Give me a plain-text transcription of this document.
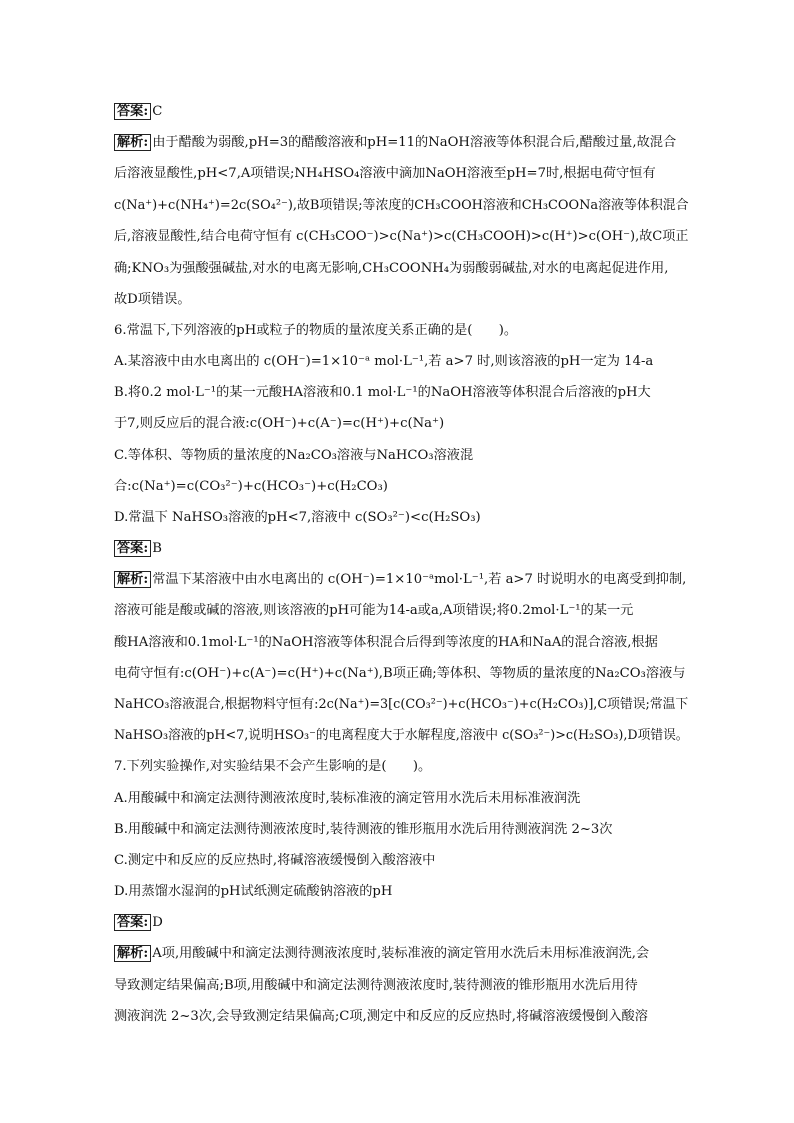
答案: C
解析: 由于醋酸为弱酸,pH=3的醋酸溶液和pH=11的NaOH溶液等体积混合后,醋酸过量,故混合
后溶液显酸性,pH<7,A项错误;NH₄HSO₄溶液中滴加NaOH溶液至pH=7时,根据电荷守恒有
c(Na⁺)+c(NH₄⁺)=2c(SO₄²⁻),故B项错误;等浓度的CH₃COOH溶液和CH₃COONa溶液等体积混合
后,溶液显酸性,结合电荷守恒有 c(CH₃COO⁻)>c(Na⁺)>c(CH₃COOH)>c(H⁺)>c(OH⁻),故C项正
确;KNO₃为强酸强碱盐,对水的电离无影响,CH₃COONH₄为弱酸弱碱盐,对水的电离起促进作用,
故D项错误。
6.常温下,下列溶液的pH或粒子的物质的量浓度关系正确的是(　　)。
A.某溶液中由水电离出的 c(OH⁻)=1×10⁻ᵃ mol·L⁻¹,若 a>7 时,则该溶液的pH一定为 14-a
B.将0.2 mol·L⁻¹的某一元酸HA溶液和0.1 mol·L⁻¹的NaOH溶液等体积混合后溶液的pH大
于7,则反应后的混合液:c(OH⁻)+c(A⁻)=c(H⁺)+c(Na⁺)
C.等体积、等物质的量浓度的Na₂CO₃溶液与NaHCO₃溶液混
合:c(Na⁺)=c(CO₃²⁻)+c(HCO₃⁻)+c(H₂CO₃)
D.常温下 NaHSO₃溶液的pH<7,溶液中 c(SO₃²⁻)<c(H₂SO₃)
答案: B
解析: 常温下某溶液中由水电离出的 c(OH⁻)=1×10⁻ᵃmol·L⁻¹,若 a>7 时说明水的电离受到抑制,
溶液可能是酸或碱的溶液,则该溶液的pH可能为14-a或a,A项错误;将0.2mol·L⁻¹的某一元
酸HA溶液和0.1mol·L⁻¹的NaOH溶液等体积混合后得到等浓度的HA和NaA的混合溶液,根据
电荷守恒有:c(OH⁻)+c(A⁻)=c(H⁺)+c(Na⁺),B项正确;等体积、等物质的量浓度的Na₂CO₃溶液与
NaHCO₃溶液混合,根据物料守恒有:2c(Na⁺)=3[c(CO₃²⁻)+c(HCO₃⁻)+c(H₂CO₃)],C项错误;常温下
NaHSO₃溶液的pH<7,说明HSO₃⁻的电离程度大于水解程度,溶液中 c(SO₃²⁻)>c(H₂SO₃),D项错误。
7.下列实验操作,对实验结果不会产生影响的是(　　)。
A.用酸碱中和滴定法测待测液浓度时,装标准液的滴定管用水洗后未用标准液润洗
B.用酸碱中和滴定法测待测液浓度时,装待测液的锥形瓶用水洗后用待测液润洗 2~3次
C.测定中和反应的反应热时,将碱溶液缓慢倒入酸溶液中
D.用蒸馏水湿润的pH试纸测定硫酸钠溶液的pH
答案: D
解析: A项,用酸碱中和滴定法测待测液浓度时,装标准液的滴定管用水洗后未用标准液润洗,会
导致测定结果偏高;B项,用酸碱中和滴定法测待测液浓度时,装待测液的锥形瓶用水洗后用待
测液润洗 2~3次,会导致测定结果偏高;C项,测定中和反应的反应热时,将碱溶液缓慢倒入酸溶
